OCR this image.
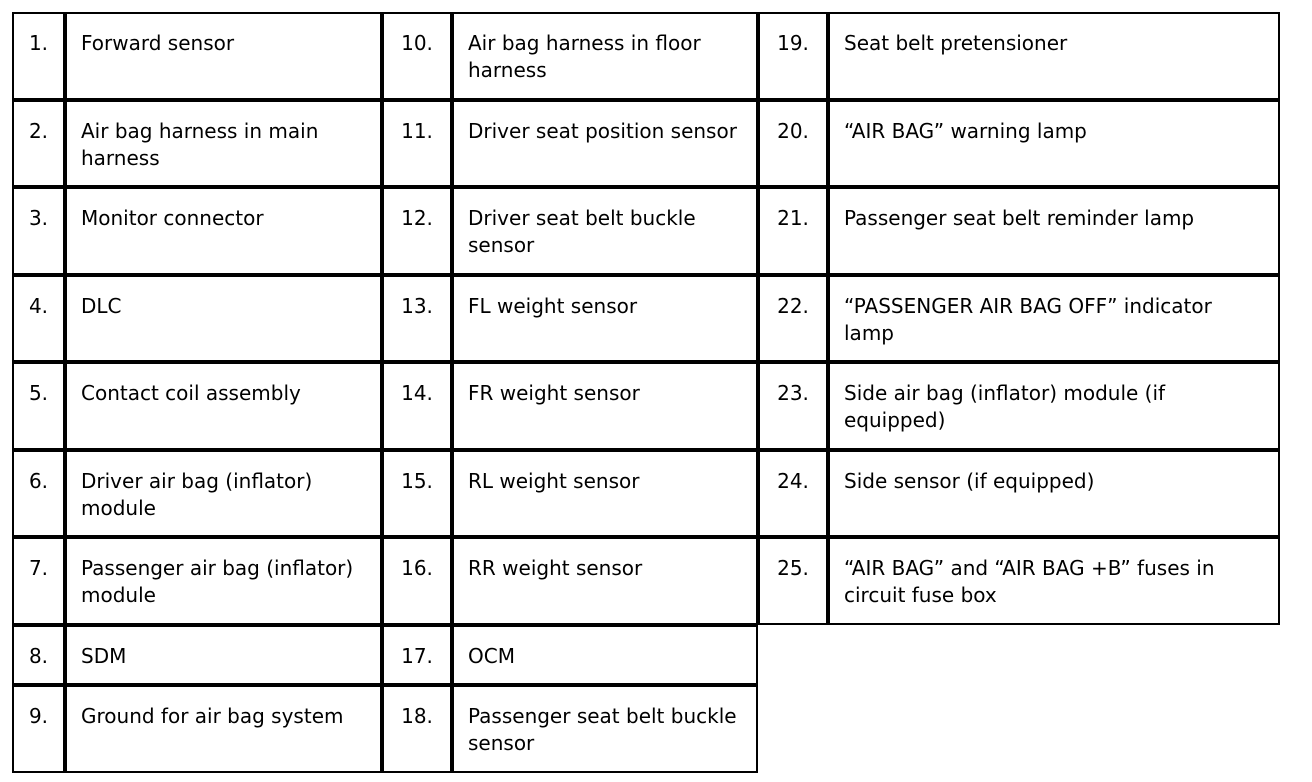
1.	Forward sensor
2.	Air bag harness in main harness
3.	Monitor connector
4.	DLC
5.	Contact coil assembly
6.	Driver air bag (inflator) module
7.	Passenger air bag (inflator) module
8.	SDM
9.	Ground for air bag system
10.	Air bag harness in floor harness
11.	Driver seat position sensor
12.	Driver seat belt buckle sensor
13.	FL weight sensor
14.	FR weight sensor
15.	RL weight sensor
16.	RR weight sensor
17.	OCM
18.	Passenger seat belt buckle sensor
19.	Seat belt pretensioner
20.	“AIR BAG” warning lamp
21.	Passenger seat belt reminder lamp
22.	“PASSENGER AIR BAG OFF” indicator lamp
23.	Side air bag (inflator) module (if equipped)
24.	Side sensor (if equipped)
25.	“AIR BAG” and “AIR BAG +B” fuses in circuit fuse box
